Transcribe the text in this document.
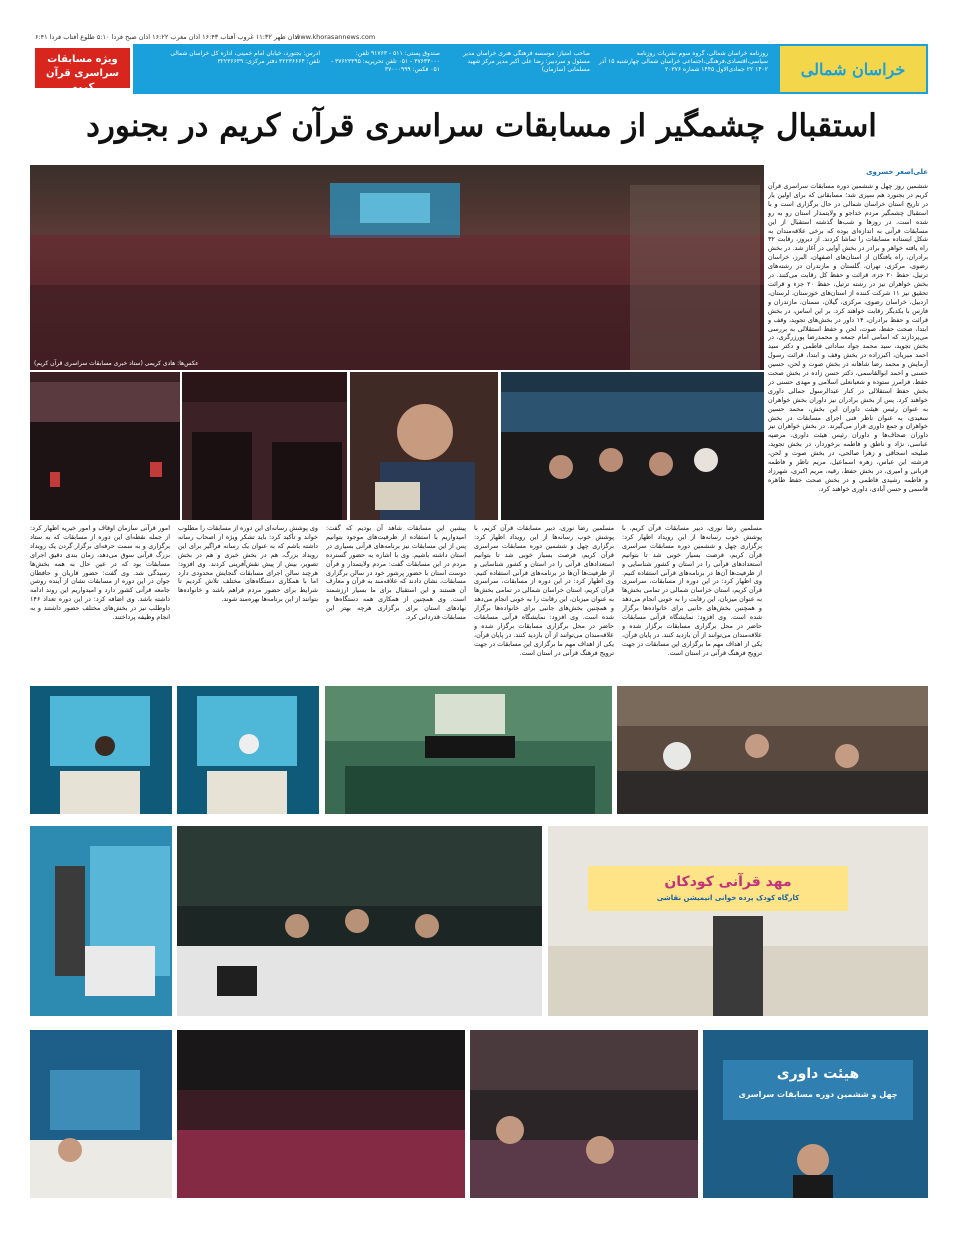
اذان ظهر ۱۱:۳۲ غروب آفتاب ۱۶:۴۳ اذان مغرب ۱۶:۲۲ اذان صبح فردا ۵:۱۰ طلوع آفتاب فردا ۶:۴۱
www.khorasannews.com
روزنامه خراسان شمالی، گروه سوم نشریات روزنامه سیاسی،اقتصادی،فرهنگی،اجتماعی خراسان شمالی چهارشنبه ۱۵ آذر ۱۴۰۲ ۲۲ جمادی‌الاول ۱۴۴۵ شماره ۲۰۳۷۶
صاحب امتیاز: موسسه فرهنگی هنری خراسان مدیر مسئول و سردبیر: رضا علی اکبر مدیر مرکز شهید مسلمانی (سازمان)
صندوق پستی: ۵۱۱ - ۹۱۷۶۳ تلفن: ۳۷۶۳۳۰۰۰ - ۰۵۱ تلفن تحریریه: ۳۷۶۲۳۳۹۵ - ۰۵۱ فکس: ۳۷۰۰۰۹۹۹
آدرس: بجنورد، خیابان امام خمینی، اداره کل خراسان شمالی تلفن: ۳۲۲۳۶۶۶۴ دفتر مرکزی: ۳۲۲۳۶۶۳۹	خراسان شمالی
ویژه مسابقات
سراسری قرآن کریم
استقبال چشمگیر از مسابقات سراسری قرآن کریم در بجنورد
عکس‌ها: هادی کریمی (ستاد خبری مسابقات سراسری قرآن کریم)
علی‌اصغر خسروی
ششمین روز چهل و ششمین دوره مسابقات سراسری قرآن کریم در بجنورد هم سپری شد؛ مسابقاتی که برای اولین بار در تاریخ استان خراسان شمالی در حال برگزاری است و با استقبال چشمگیر مردم خداجو و ولایتمدار استان رو به رو شده است. در روزها و شب‌ها گذشته استقبال از این مسابقات قرآنی به اندازه‌ای بوده که برخی علاقه‌مندان به شکل ایستاده مسابقات را تماشا کردند. از دیروز، رقابت ۳۲ راه یافته خواهر و برادر در بخش آوایی در آغاز شد. در بخش برادران، راه یافتگان از استان‌های اصفهان، البرز، خراسان رضوی، مرکزی، تهران، گلستان و مازندران در رشته‌های ترتیل، حفظ ۲۰ جزء، قرائت و حفظ کل رقابت می‌کنند. در بخش خواهران نیز در رشته ترتیل، حفظ ۲۰ جزء و قرائت تحقیق نیز ۱۱ شرکت کننده از استان‌های خوزستان، لرستان، اردبیل، خراسان رضوی، مرکزی، گیلان، سمنان، مازندران و فارس با یکدیگر رقابت خواهند کرد. بر این اساس، در بخش قرائت و حفظ برادران، ۱۴ داور در بخش‌های تجوید، وقف و ابتدا، صحت حفظ، صوت، لحن و حفظ استقلالی به بررسی می‌پردازند که اسامی امام جمعه و محمدرضا پورزرگری، در بخش تجوید، سید محمد جواد ساداتی فاطمی و دکتر سید احمد میریان، اکبرزاده در بخش وقف و ابتدا، قرائت رسول آزمایش و محمد رضا شاهانه در بخش صوت و لحن، حسین حسنی و احمد ابوالقاسمی، دکتر حسن زاده در بخش صحت حفظ، فرامرز ستوده و شعبانعلی اسلامی و مهدی حسنی در بخش حفظ استقلالی در کنار عبدالرسول جمالی داوری خواهند کرد. پس از بخش برادران نیز داوران بخش خواهران به عنوان رئیس هیئت داوران این بخش، محمد حسین سعیدی، به عنوان ناظر فنی اجرای مسابقات در بخش خواهران و جمع داوری قرار می‌گیرند. در بخش خواهران نیز داوران صحاف‌ها و داوران رئیس هیئت داوری، مرضیه عباسی، نژاد و ناطق و فاطمه برخوردار، در بخش تجوید، صلیحه اسحاقی و زهرا صالحی، در بخش صوت و لحن، فرشته ابن عباس، زهره اسماعیل، مریم ناظر و فاطمه قربانی و امیری، در بخش حفظ، رقیه، مریم اکبری، شهرزاد و فاطمه رشیدی فاطمی و در بخش صحت حفظ طاهره قاسمی و حسن آبادی، داوری خواهند کرد.
امور قرآنی سازمان اوقاف و امور خیریه اظهار کرد: از جمله نقطه‌ای این دوره از مسابقات که به ستاد برگزاری و به سمت حرفه‌ای برگزار گردن یک رویداد بزرگ قرآنی سوق می‌دهد، زمان بندی دقیق اجرای مسابقات بود که در عین حال به همه بخش‌ها رسیدگی شد. وی گفت: حضور قاریان و حافظان جوان در این دوره از مسابقات نشان از آینده روشن جامعه قرآنی کشور دارد و امیدواریم این روند ادامه داشته باشد. وی اضافه کرد: در این دوره تعداد ۱۴۶ داوطلب نیز در بخش‌های مختلف حضور داشتند و به انجام وظیفه پرداختند.
وی پوشش رسانه‌ای این دوره از مسابقات را مطلوب خواند و تأکید کرد: باید تشکر ویژه از اصحاب رسانه داشته باشم که به عنوان یک رسانه فراگیر برای این رویداد بزرگ، هم در بخش خبری و هم در بخش تصویر، بیش از پیش نقش‌آفرینی کردند. وی افزود: هرچند سالن اجرای مسابقات گنجایش محدودی دارد اما با همکاری دستگاه‌های مختلف تلاش کردیم تا شرایط برای حضور مردم فراهم باشد و خانواده‌ها بتوانند از این برنامه‌ها بهره‌مند شوند.
پیشین این مسابقات شاهد آن بودیم که گفت: امیدواریم با استفاده از ظرفیت‌های موجود بتوانیم پس از این مسابقات نیز برنامه‌های قرآنی بسیاری در استان داشته باشیم. وی با اشاره به حضور گسترده مردم در این مسابقات گفت: مردم ولایتمدار و قرآن دوست استان با حضور پرشور خود در سالن برگزاری مسابقات، نشان دادند که علاقه‌مند به قرآن و معارف آن هستند و این استقبال برای ما بسیار ارزشمند است. وی همچنین از همکاری همه دستگاه‌ها و نهادهای استان برای برگزاری هرچه بهتر این مسابقات قدردانی کرد.
مسلمین رضا نوری، دبیر مسابقات قرآن کریم، با پوشش خوب رسانه‌ها از این رویداد اظهار کرد: برگزاری چهل و ششمین دوره مسابقات سراسری قرآن کریم، فرصت بسیار خوبی شد تا بتوانیم استعدادهای قرآنی را در استان و کشور شناسایی و از ظرفیت‌ها آن‌ها در برنامه‌های قرآنی استفاده کنیم. وی اظهار کرد: در این دوره از مسابقات، سراسری قرآن کریم، استان خراسان شمالی در تمامی بخش‌ها به عنوان میزبان، این رقابت را به خوبی انجام می‌دهد و همچنین بخش‌های جانبی برای خانواده‌ها برگزار شده است. وی افزود: نمایشگاه قرآنی مسابقات حاضر در محل برگزاری مسابقات برگزار شده و علاقه‌مندان می‌توانند از آن بازدید کنند. در پایان قرآن، یکی از اهداف مهم ما برگزاری این مسابقات در جهت ترویج فرهنگ قرآنی در استان است.
مسلمین رضا نوری، دبیر مسابقات قرآن کریم، با پوشش خوب رسانه‌ها از این رویداد اظهار کرد: برگزاری چهل و ششمین دوره مسابقات سراسری قرآن کریم، فرصت بسیار خوبی شد تا بتوانیم استعدادهای قرآنی را در استان و کشور شناسایی و از ظرفیت‌ها آن‌ها در برنامه‌های قرآنی استفاده کنیم. وی اظهار کرد: در این دوره از مسابقات، سراسری قرآن کریم، استان خراسان شمالی در تمامی بخش‌ها به عنوان میزبان، این رقابت را به خوبی انجام می‌دهد و همچنین بخش‌های جانبی برای خانواده‌ها برگزار شده است. وی افزود: نمایشگاه قرآنی مسابقات حاضر در محل برگزاری مسابقات برگزار شده و علاقه‌مندان می‌توانند از آن بازدید کنند. در پایان قرآن، یکی از اهداف مهم ما برگزاری این مسابقات در جهت ترویج فرهنگ قرآنی در استان است.
مهد قرآنی کودکان
کارگاه کودک پرده خوانی انیمیشن نقاشی
هیئت داوری
چهل و ششمین دوره مسابقات سراسری
